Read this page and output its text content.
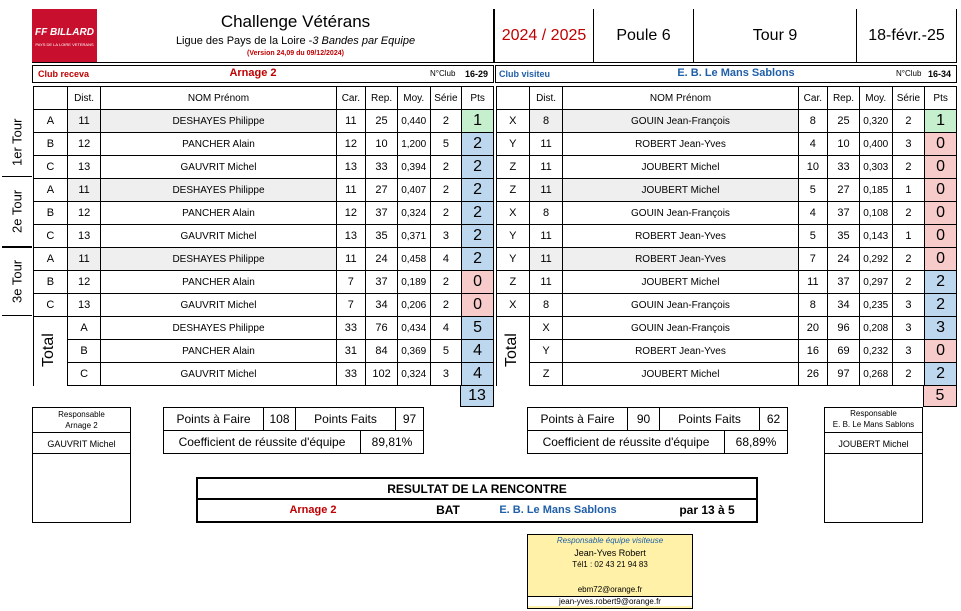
FF BILLARD
PAYS DE LA LOIRE VETERANS
Challenge Vétérans
Ligue des Pays de la Loire - 3 Bandes par Equipe
(Version 24,09 du 09/12/2024)
2024 / 2025	Poule 6	Tour 9	18-févr.-25
Club receva	Arnage 2	N°Club 16-29 Club visiteu	E. B. Le Mans Sablons	N°Club 16-34
1er Tour
2e Tour
3e Tour
Total	Total
	Dist.	NOM Prénom	Car.	Rep.	Moy.	Série	Pts
A	11	DESHAYES Philippe	11	25	0,440	2	1
B	12	PANCHER Alain	12	10	1,200	5	2
C	13	GAUVRIT Michel	13	33	0,394	2	2
A	11	DESHAYES Philippe	11	27	0,407	2	2
B	12	PANCHER Alain	12	37	0,324	2	2
C	13	GAUVRIT Michel	13	35	0,371	3	2
A	11	DESHAYES Philippe	11	24	0,458	4	2
B	12	PANCHER Alain	7	37	0,189	2	0
C	13	GAUVRIT Michel	7	34	0,206	2	0
	A	DESHAYES Philippe	33	76	0,434	4	5
	B	PANCHER Alain	31	84	0,369	5	4
	C	GAUVRIT Michel	33	102	0,324	3	4
	Dist.	NOM Prénom	Car.	Rep.	Moy.	Série	Pts
X	8	GOUIN Jean-François	8	25	0,320	2	1
Y	11	ROBERT Jean-Yves	4	10	0,400	3	0
Z	11	JOUBERT Michel	10	33	0,303	2	0
Z	11	JOUBERT Michel	5	27	0,185	1	0
X	8	GOUIN Jean-François	4	37	0,108	2	0
Y	11	ROBERT Jean-Yves	5	35	0,143	1	0
Y	11	ROBERT Jean-Yves	7	24	0,292	2	0
Z	11	JOUBERT Michel	11	37	0,297	2	2
X	8	GOUIN Jean-François	8	34	0,235	3	2
	X	GOUIN Jean-François	20	96	0,208	3	3
	Y	ROBERT Jean-Yves	16	69	0,232	3	0
	Z	JOUBERT Michel	26	97	0,268	2	2
13	5
Responsable
Arnage 2
GAUVRIT Michel
Responsable
E. B. Le Mans Sablons
JOUBERT Michel
Points à Faire	108	Points Faits	97
Coefficient de réussite d'équipe	89,81%
Points à Faire	90	Points Faits	62
Coefficient de réussite d'équipe	68,89%
RESULTAT DE LA RENCONTRE
Arnage 2	BAT	E. B. Le Mans Sablons	par 13 à 5
Responsable équipe visiteuse
Jean-Yves Robert
Tél1 : 02 43 21 94 83
ebm72@orange.fr
jean-yves.robert9@orange.fr
